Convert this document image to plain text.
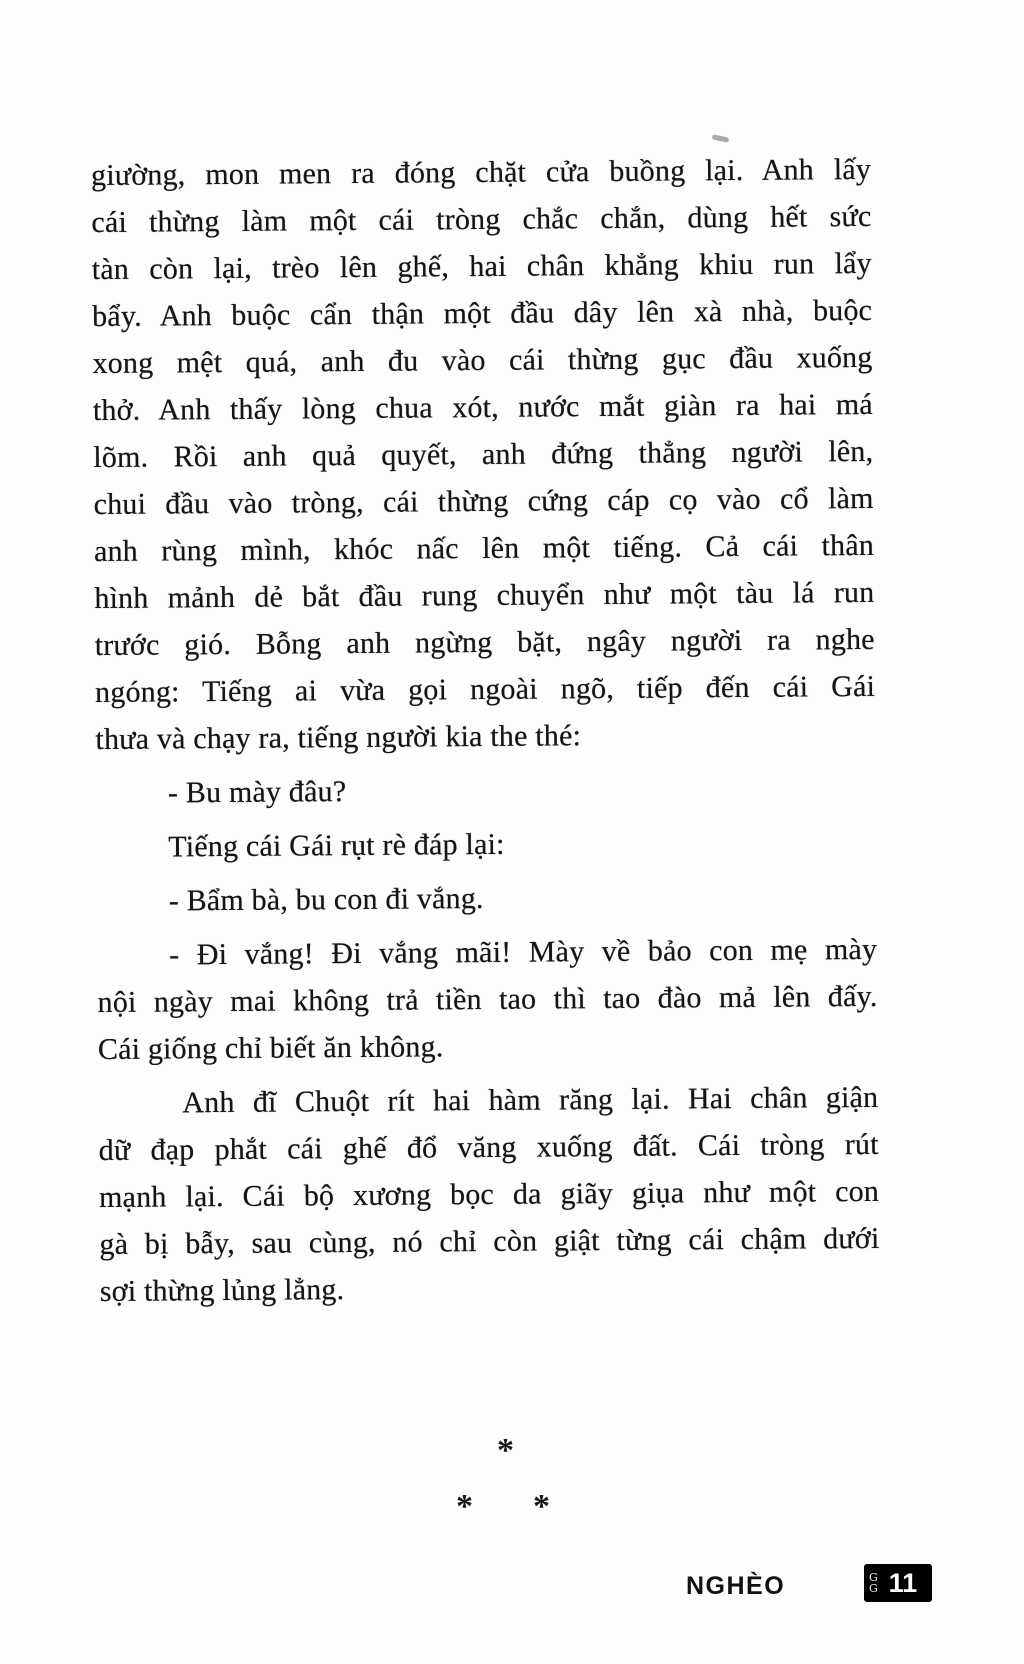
giường, mon men ra đóng chặt cửa buồng lại. Anh lấy
cái thừng làm một cái tròng chắc chắn, dùng hết sức
tàn còn lại, trèo lên ghế, hai chân khẳng khiu run lẩy
bẩy. Anh buộc cẩn thận một đầu dây lên xà nhà, buộc
xong mệt quá, anh đu vào cái thừng gục đầu xuống
thở. Anh thấy lòng chua xót, nước mắt giàn ra hai má
lõm. Rồi anh quả quyết, anh đứng thẳng người lên,
chui đầu vào tròng, cái thừng cứng cáp cọ vào cổ làm
anh rùng mình, khóc nấc lên một tiếng. Cả cái thân
hình mảnh dẻ bắt đầu rung chuyển như một tàu lá run
trước gió. Bỗng anh ngừng bặt, ngây người ra nghe
ngóng: Tiếng ai vừa gọi ngoài ngõ, tiếp đến cái Gái
thưa và chạy ra, tiếng người kia the thé:
- Bu mày đâu?
Tiếng cái Gái rụt rè đáp lại:
- Bẩm bà, bu con đi vắng.
- Đi vắng! Đi vắng mãi! Mày về bảo con mẹ mày
nội ngày mai không trả tiền tao thì tao đào mả lên đấy.
Cái giống chỉ biết ăn không.
Anh đĩ Chuột rít hai hàm răng lại. Hai chân giận
dữ đạp phắt cái ghế đổ văng xuống đất. Cái tròng rút
mạnh lại. Cái bộ xương bọc da giãy giụa như một con
gà bị bẫy, sau cùng, nó chỉ còn giật từng cái chậm dưới
sợi thừng lủng lẳng.
*
* *
NGHÈO	G
G 11
